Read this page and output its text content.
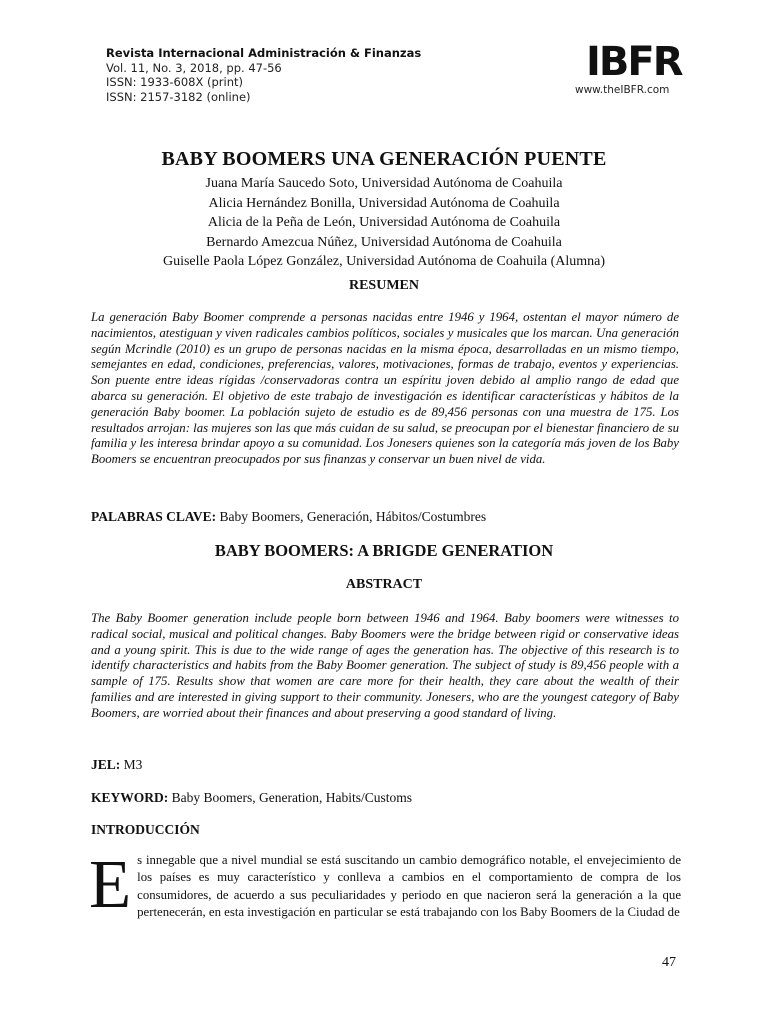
Revista Internacional Administración & Finanzas
Vol. 11, No. 3, 2018, pp. 47-56
ISSN: 1933-608X (print)
ISSN: 2157-3182 (online)
IBFR
www.theIBFR.com
BABY BOOMERS UNA GENERACIÓN PUENTE
Juana María Saucedo Soto, Universidad Autónoma de Coahuila
Alicia Hernández Bonilla, Universidad Autónoma de Coahuila
Alicia de la Peña de León, Universidad Autónoma de Coahuila
Bernardo Amezcua Núñez, Universidad Autónoma de Coahuila
Guiselle Paola López González, Universidad Autónoma de Coahuila (Alumna)
RESUMEN
La generación Baby Boomer comprende a personas nacidas entre 1946 y 1964, ostentan el mayor número de nacimientos, atestiguan y viven radicales cambios políticos, sociales y musicales que los marcan. Una generación según Mcrindle (2010) es un grupo de personas nacidas en la misma época, desarrolladas en un mismo tiempo, semejantes en edad, condiciones, preferencias, valores, motivaciones, formas de trabajo, eventos y experiencias. Son puente entre ideas rígidas /conservadoras contra un espíritu joven debido al amplio rango de edad que abarca su generación. El objetivo de este trabajo de investigación es identificar características y hábitos de la generación Baby boomer. La población sujeto de estudio es de 89,456 personas con una muestra de 175. Los resultados arrojan: las mujeres son las que más cuidan de su salud, se preocupan por el bienestar financiero de su familia y les interesa brindar apoyo a su comunidad. Los Jonesers quienes son la categoría más joven de los Baby Boomers se encuentran preocupados por sus finanzas y conservar un buen nivel de vida.
PALABRAS CLAVE: Baby Boomers, Generación, Hábitos/Costumbres
BABY BOOMERS: A BRIGDE GENERATION
ABSTRACT
The Baby Boomer generation include people born between 1946 and 1964. Baby boomers were witnesses to radical social, musical and political changes. Baby Boomers were the bridge between rigid or conservative ideas and a young spirit. This is due to the wide range of ages the generation has. The objective of this research is to identify characteristics and habits from the Baby Boomer generation. The subject of study is 89,456 people with a sample of 175. Results show that women are care more for their health, they care about the wealth of their families and are interested in giving support to their community. Jonesers, who are the youngest category of Baby Boomers, are worried about their finances and about preserving a good standard of living.
JEL: M3
KEYWORD: Baby Boomers, Generation, Habits/Customs
INTRODUCCIÓN
E s innegable que a nivel mundial se está suscitando un cambio demográfico notable, el envejecimiento de los países es muy característico y conlleva a cambios en el comportamiento de compra de los consumidores, de acuerdo a sus peculiaridades y periodo en que nacieron será la generación a la que pertenecerán, en esta investigación en particular se está trabajando con los Baby Boomers de la Ciudad de
47
